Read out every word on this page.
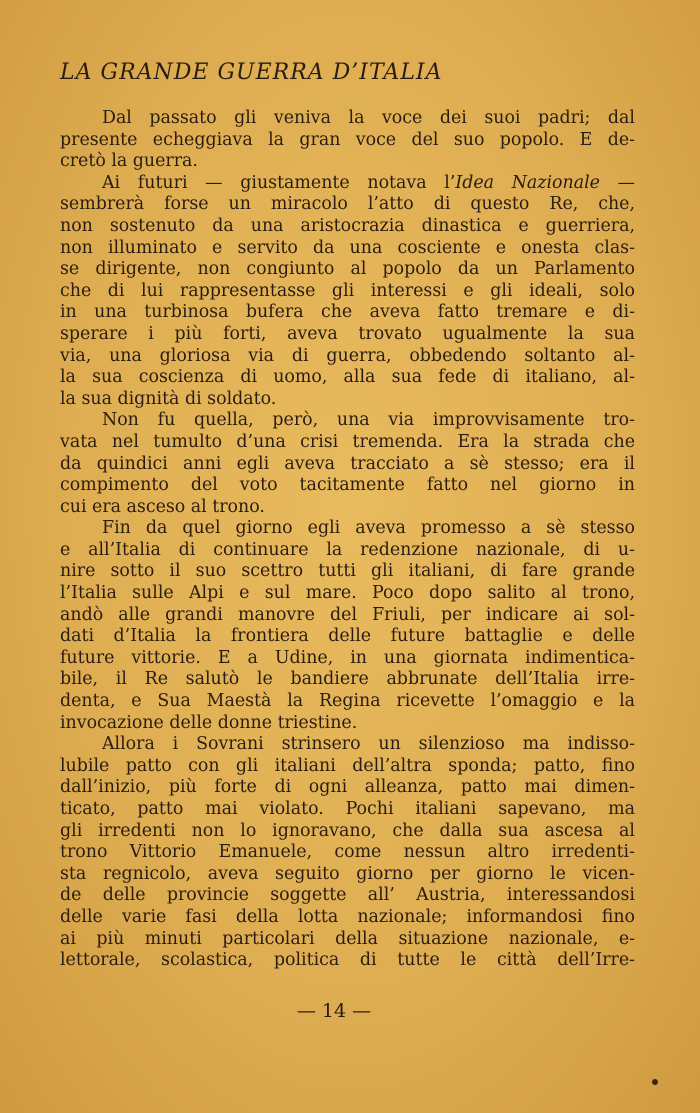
LA GRANDE GUERRA D’ITALIA
Dal passato gli veniva la voce dei suoi padri; dal
presente echeggiava la gran voce del suo popolo. E de-
cretò la guerra.
Ai futuri — giustamente notava l’Idea Nazionale —
sembrerà forse un miracolo l’atto di questo Re, che,
non sostenuto da una aristocrazia dinastica e guerriera,
non illuminato e servito da una cosciente e onesta clas-
se dirigente, non congiunto al popolo da un Parlamento
che di lui rappresentasse gli interessi e gli ideali, solo
in una turbinosa bufera che aveva fatto tremare e di-
sperare i più forti, aveva trovato ugualmente la sua
via, una gloriosa via di guerra, obbedendo soltanto al-
la sua coscienza di uomo, alla sua fede di italiano, al-
la sua dignità di soldato.
Non fu quella, però, una via improvvisamente tro-
vata nel tumulto d’una crisi tremenda. Era la strada che
da quindici anni egli aveva tracciato a sè stesso; era il
compimento del voto tacitamente fatto nel giorno in
cui era asceso al trono.
Fin da quel giorno egli aveva promesso a sè stesso
e all’Italia di continuare la redenzione nazionale, di u-
nire sotto il suo scettro tutti gli italiani, di fare grande
l’Italia sulle Alpi e sul mare. Poco dopo salito al trono,
andò alle grandi manovre del Friuli, per indicare ai sol-
dati d’Italia la frontiera delle future battaglie e delle
future vittorie. E a Udine, in una giornata indimentica-
bile, il Re salutò le bandiere abbrunate dell’Italia irre-
denta, e Sua Maestà la Regina ricevette l’omaggio e la
invocazione delle donne triestine.
Allora i Sovrani strinsero un silenzioso ma indisso-
lubile patto con gli italiani dell’altra sponda; patto, fino
dall’inizio, più forte di ogni alleanza, patto mai dimen-
ticato, patto mai violato. Pochi italiani sapevano, ma
gli irredenti non lo ignoravano, che dalla sua ascesa al
trono Vittorio Emanuele, come nessun altro irredenti-
sta regnicolo, aveva seguito giorno per giorno le vicen-
de delle provincie soggette all’ Austria, interessandosi
delle varie fasi della lotta nazionale; informandosi fino
ai più minuti particolari della situazione nazionale, e-
lettorale, scolastica, politica di tutte le città dell’Irre-
— 14 —
